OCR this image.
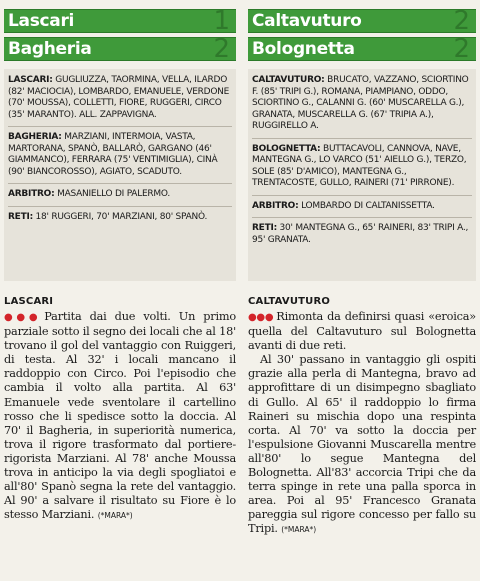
Lascari	1
Bagheria	2
LASCARI: GUGLIUZZA, TAORMINA, VELLA, ILARDO (82' MACIOCIA), LOMBARDO, EMANUELE, VERDONE (70' MOUSSA), COLLETTI, FIORE, RUGGERI, CIRCO (35' MARANTO). ALL. ZAPPAVIGNA.
BAGHERIA: MARZIANI, INTERMOIA, VASTA, MARTORANA, SPANÒ, BALLARÒ, GARGANO (46' GIAMMANCO), FERRARA (75' VENTIMIGLIA), CINÀ (90' BIANCOROSSO), AGIATO, SCADUTO.
ARBITRO: MASANIELLO DI PALERMO.
RETI: 18' RUGGERI, 70' MARZIANI, 80' SPANÒ.
LASCARI

●●● Partita dai due volti. Un primo parziale sotto il segno dei locali che al 18' trovano il gol del vantaggio con Ruiggeri, di testa. Al 32' i locali mancano il raddoppio con Circo. Poi l'episodio che cambia il volto alla partita. Al 63' Emanuele vede sventolare il cartellino rosso che li spedisce sotto la doccia. Al 70' il Bagheria, in superiorità numerica, trova il rigore trasformato dal portiere-rigorista Marziani. Al 78' anche Moussa trova in anticipo la via degli spogliatoi e all'80' Spanò segna la rete del vantaggio. Al 90' a salvare il risultato su Fiore è lo stesso Marziani. (*MARA*)

Caltavuturo	2
Bolognetta	2
CALTAVUTURO: BRUCATO, VAZZANO, SCIORTINO F. (85' TRIPI G.), ROMANA, PIAMPIANO, ODDO, SCIORTINO G., CALANNI G. (60' MUSCARELLA G.), GRANATA, MUSCARELLA G. (67' TRIPIA A.), RUGGIRELLO A.
BOLOGNETTA: BUTTACAVOLI, CANNOVA, NAVE, MANTEGNA G., LO VARCO (51' AIELLO G.), TERZO, SOLE (85' D'AMICO), MANTEGNA G., TRENTACOSTE, GULLO, RAINERI (71' PIRRONE).
ARBITRO: LOMBARDO DI CALTANISSETTA.
RETI: 30' MANTEGNA G., 65' RAINERI, 83' TRIPI A., 95' GRANATA.
CALTAVUTURO

●●● Rimonta da definirsi quasi «eroica» quella del Caltavuturo sul Bolognetta avanti di due reti.

Al 30' passano in vantaggio gli ospiti grazie alla perla di Mantegna, bravo ad approfittare di un disimpegno sbagliato di Gullo. Al 65' il raddoppio lo firma Raineri su mischia dopo una respinta corta. Al 70' va sotto la doccia per l'espulsione Giovanni Muscarella mentre all'80' lo segue Mantegna del Bolognetta. All'83' accorcia Tripi che da terra spinge in rete una palla sporca in area. Poi al 95' Francesco Granata pareggia sul rigore concesso per fallo su Tripi. (*MARA*)
